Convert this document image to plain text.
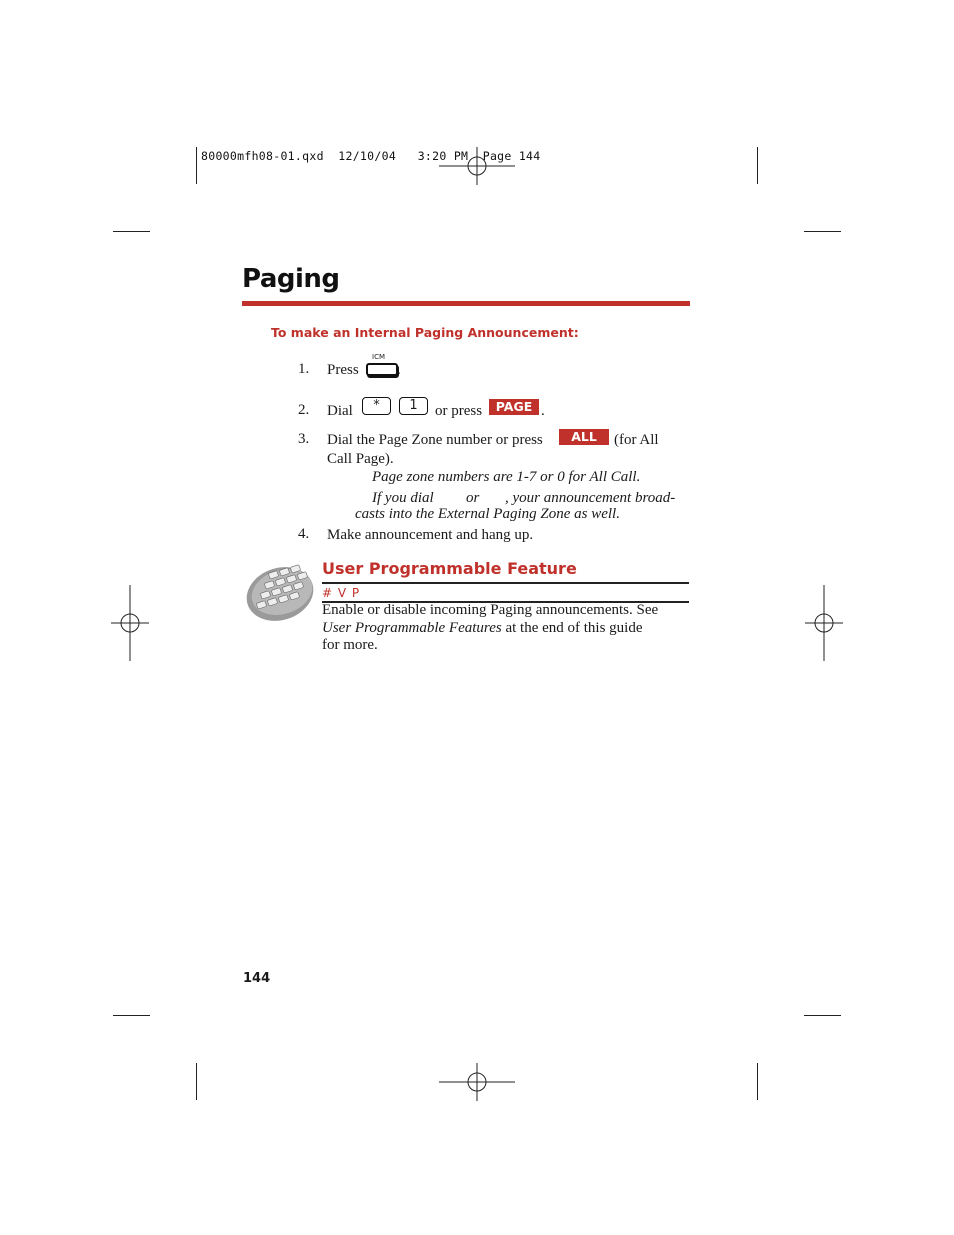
80000mfh08-01.qxd  12/10/04   3:20 PM  Page 144
Paging
To make an Internal Paging Announcement:
1. Press
ICM
.
2. Dial	*	1	or press	PAGE .
3. Dial the Page Zone number or press	ALL	(for All
Call Page).
Page zone numbers are 1-7 or 0 for All Call.
If you dial or , your announcement broad-
casts into the External Paging Zone as well.
4. Make announcement and hang up.
User Programmable Feature
# V P
Enable or disable incoming Paging announcements. See
User Programmable Features at the end of this guide
for more.
144
